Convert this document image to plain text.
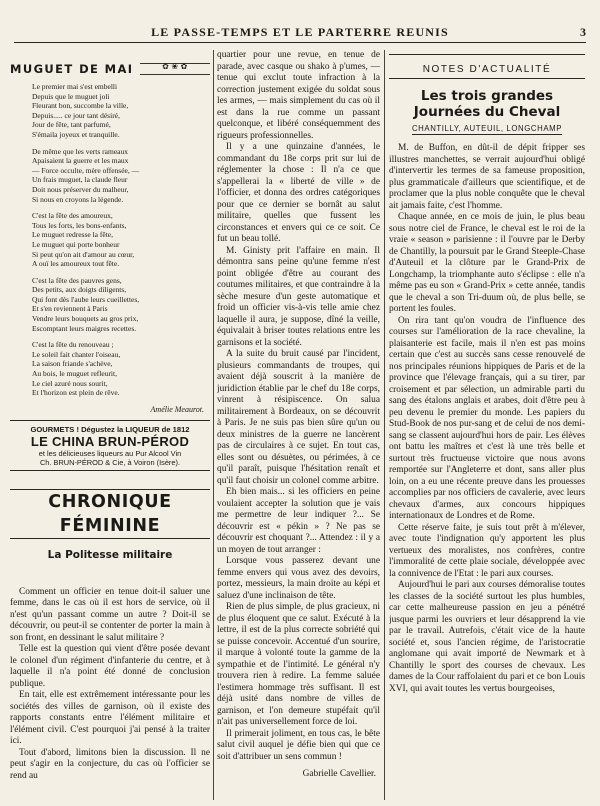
LE PASSE-TEMPS ET LE PARTERRE REUNIS	3
MUGUET DE MAI
✿ ❀ ✿
Le premier mai s'est embelli
Depuis que le muguet joli
Fleurant bon, succombe la ville,
Depuis..... ce jour tant désiré,
Jour de fête, tant parfumé,
S'émaila joyeux et tranquille.
De même que les verts rameaux
Apaisaient la guerre et les maux
— Force occulte, mère offensée, —
Un frais muguet, la claude fleur
Doit nous préserver du malheur,
Si nous en croyons la légende.
C'est la fête des amoureux,
Tous les forts, les bons-enfants,
Le muguet redresse la fête,
Le muguet qui porte bonheur
Si peut qu'on ait d'amour au cœur,
A ouï les amoureux tout fête.
C'est la fête des pauvres gens,
Des petits, aux doigts diligents,
Qui font dès l'aube leurs cueillettes,
Et s'en reviennent à Paris
Vendre leurs bouquets au gros prix,
Escomptant leurs maigres recettes.
C'est la fête du renouveau ;
Le soleil fait chanter l'oiseau,
La saison friande s'achève,
Au bois, le muguet refleurit,
Le ciel azuré nous sourit,
Et l'horizon est plein de rêve.
Amélie Meaurot.
GOURMETS ! Dégustez la LIQUEUR de 1812
LE CHINA BRUN-PÉROD
et les délicieuses liqueurs au Pur Alcool Vin
Ch. BRUN-PÉROD & Cie, à Voiron (Isère).
CHRONIQUE FÉMININE
La Politesse militaire

Comment un officier en tenue doit-il saluer une femme, dans le cas où il est hors de service, où il n'est qu'un passant comme un autre ? Doit-il se découvrir, ou peut-il se contenter de porter la main à son front, en dessinant le salut militaire ?

Telle est la question qui vient d'être posée devant le colonel d'un régiment d'infanterie du centre, et à laquelle il n'a point été donné de conclusion publique.

En tait, elle est extrêmement intéressante pour les sociétés des villes de garnison, où il existe des rapports constants entre l'élément militaire et l'élément civil. C'est pourquoi j'ai pensé à la traiter ici.

Tout d'abord, limitons bien la discussion. Il ne peut s'agir en la conjecture, du cas où l'officier se rend au

quartier pour une revue, en tenue de parade, avec casque ou shako à p'umes, — tenue qui exclut toute infraction à la correction justement exigée du soldat sous les armes, — mais simplement du cas où il est dans la rue comme un passant quelconque, et libéré conséquemment des rigueurs professionnelles.

Il y a une quinzaine d'années, le commandant du 18e corps prit sur lui de réglementer la chose : Il n'a ce que s'appellerai la « liberté de ville » de l'officier, et donna des ordres catégoriques pour que ce dernier se bornât au salut militaire, quelles que fussent les circonstances et envers qui ce ce soit. Ce fut un beau tollé.

M. Ginisty prit l'affaire en main. Il démontra sans peine qu'une femme n'est point obligée d'être au courant des coutumes militaires, et que contraindre à la sèche mesure d'un geste automatique et froid un officier vis-à-vis telle amie chez laquelle il aura, je suppose, dîné la veille, équivalait à briser toutes relations entre les garnisons et la société.

A la suite du bruit causé par l'incident, plusieurs commandants de troupes, qui avaient déjà souscrit à la manière de juridiction établie par le chef du 18e corps, vinrent à résipiscence. On salua militairement à Bordeaux, on se découvrit à Paris. Je ne suis pas bien sûre qu'un ou deux ministres de la guerre ne lancèrent pas de circulaires à ce sujet. En tout cas, elles sont ou désuètes, ou périmées, à ce qu'il paraît, puisque l'hésitation renaît et qu'il faut choisir un colonel comme arbitre.

Eh bien mais... si les officiers en peine voulaient accepter la solution que je vais me permettre de leur indiquer ?... Se découvrir est « pékin » ? Ne pas se découvrir est choquant ?... Attendez : il y a un moyen de tout arranger :

Lorsque vous passerez devant une femme envers qui vous avez des devoirs, portez, messieurs, la main droite au képi et saluez d'une inclinaison de tête.

Rien de plus simple, de plus gracieux, ni de plus éloquent que ce salut. Exécuté à la lettre, il est de la plus correcte sobriété qui se puisse concevoir. Accentué d'un sourire, il marque à volonté toute la gamme de la sympathie et de l'intimité. Le général n'y trouvera rien à redire. La femme saluée l'estimera hommage très suffisant. Il est déjà usité dans nombre de villes de garnison, et l'on demeure stupéfait qu'il n'ait pas universellement force de loi.

Il primerait joliment, en tous cas, le bête salut civil auquel je défie bien qui que ce soit d'attribuer un sens commun !

Gabrielle Cavellier.
NOTES D'ACTUALITÉ
Les trois grandes Journées du Cheval
CHANTILLY, AUTEUIL, LONGCHAMP

M. de Buffon, en dût-il de dépit fripper ses illustres manchettes, se verrait aujourd'hui obligé d'intervertir les termes de sa fameuse proposition, plus grammaticale d'ailleurs que scientifique, et de proclamer que la plus noble conquête que le cheval ait jamais faite, c'est l'homme.

Chaque année, en ce mois de juin, le plus beau sous notre ciel de France, le cheval est le roi de la vraie « season » parisienne : il l'ouvre par le Derby de Chantilly, la poursuit par le Grand Steeple-Chase d'Auteuil et la clôture par le Grand-Prix de Longchamp, la triomphante auto s'éclipse : elle n'a même pas eu son « Grand-Prix » cette année, tandis que le cheval a son Tri-duum où, de plus belle, se portent les foules.

On rira tant qu'on voudra de l'influence des courses sur l'amélioration de la race chevaline, la plaisanterie est facile, mais il n'en est pas moins certain que c'est au succès sans cesse renouvelé de nos principales réunions hippiques de Paris et de la province que l'élevage français, qui a su tirer, par croisement et par sélection, un admirable parti du sang des étalons anglais et arabes, doit d'être peu à peu devenu le premier du monde. Les papiers du Stud-Book de nos pur-sang et de celui de nos demi-sang se classent aujourd'hui hors de pair. Les élèves ont battu les maîtres et c'est là une très belle et surtout très fructueuse victoire que nous avons remportée sur l'Angleterre et dont, sans aller plus loin, on a eu une récente preuve dans les prouesses accomplies par nos officiers de cavalerie, avec leurs chevaux d'armes, aux concours hippiques internationaux de Londres et de Rome.

Cette réserve faite, je suis tout prêt à m'élever, avec toute l'indignation qu'y apportent les plus vertueux des moralistes, nos confrères, contre l'immoralité de cette plaie sociale, développée avec la connivence de l'Etat : le pari aux courses.

Aujourd'hui le pari aux courses démoralise toutes les classes de la société surtout les plus humbles, car cette malheureuse passion en jeu a pénétré jusque parmi les ouvriers et leur désapprend la vie par le travail. Autrefois, c'était vice de la haute société et, sous l'ancien régime, de l'aristocratie anglomane qui avait importé de Newmark et à Chantilly le sport des courses de chevaux. Les dames de la Cour raffolaient du pari et ce bon Louis XVI, qui avait toutes les vertus bourgeoises,
